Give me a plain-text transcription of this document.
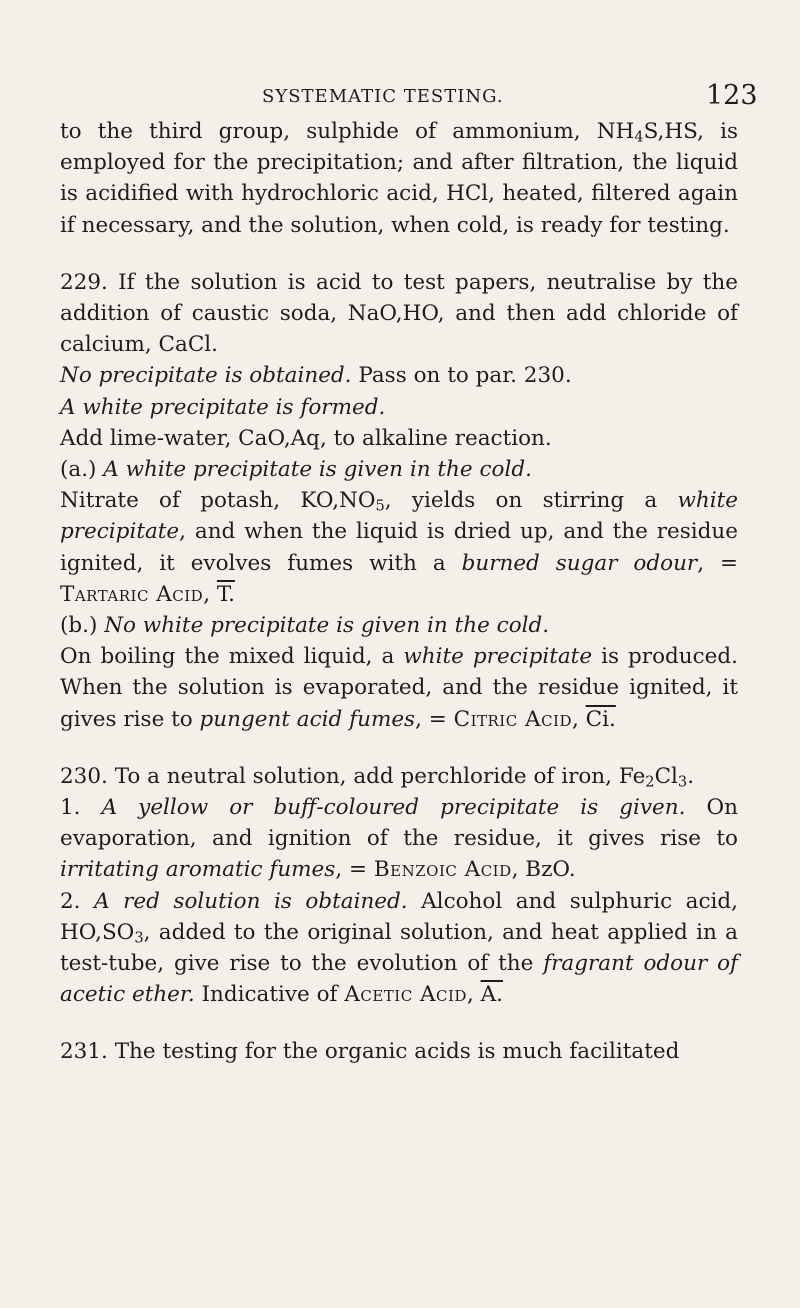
SYSTEMATIC TESTING.	123

to the third group, sulphide of ammonium, $NH_4S,HS$, is employed for the precipitation; and after filtration, the liquid is acidified with hydrochloric acid, HCl, heated, filtered again if necessary, and the solution, when cold, is ready for testing.

229. If the solution is acid to test papers, neutralise by the addition of caustic soda, NaO,HO, and then add chloride of calcium, CaCl.

No precipitate is obtained. Pass on to par. 230.

A white precipitate is formed.

Add lime-water, CaO,Aq, to alkaline reaction.

(a.) A white precipitate is given in the cold.

Nitrate of potash, $KO,NO_5$, yields on stirring a white precipitate, and when the liquid is dried up, and the residue ignited, it evolves fumes with a burned sugar odour, = Tartaric Acid, T.

(b.) No white precipitate is given in the cold.

On boiling the mixed liquid, a white precipitate is produced. When the solution is evaporated, and the residue ignited, it gives rise to pungent acid fumes, = Citric Acid, Ci.

230. To a neutral solution, add perchloride of iron, $Fe_2Cl_3$.

1. A yellow or buff-coloured precipitate is given. On evaporation, and ignition of the residue, it gives rise to irritating aromatic fumes, = Benzoic Acid, BzO.

2. A red solution is obtained. Alcohol and sulphuric acid, $HO,SO_3$, added to the original solution, and heat applied in a test-tube, give rise to the evolution of the fragrant odour of acetic ether. Indicative of Acetic Acid, A.

231. The testing for the organic acids is much facilitated
